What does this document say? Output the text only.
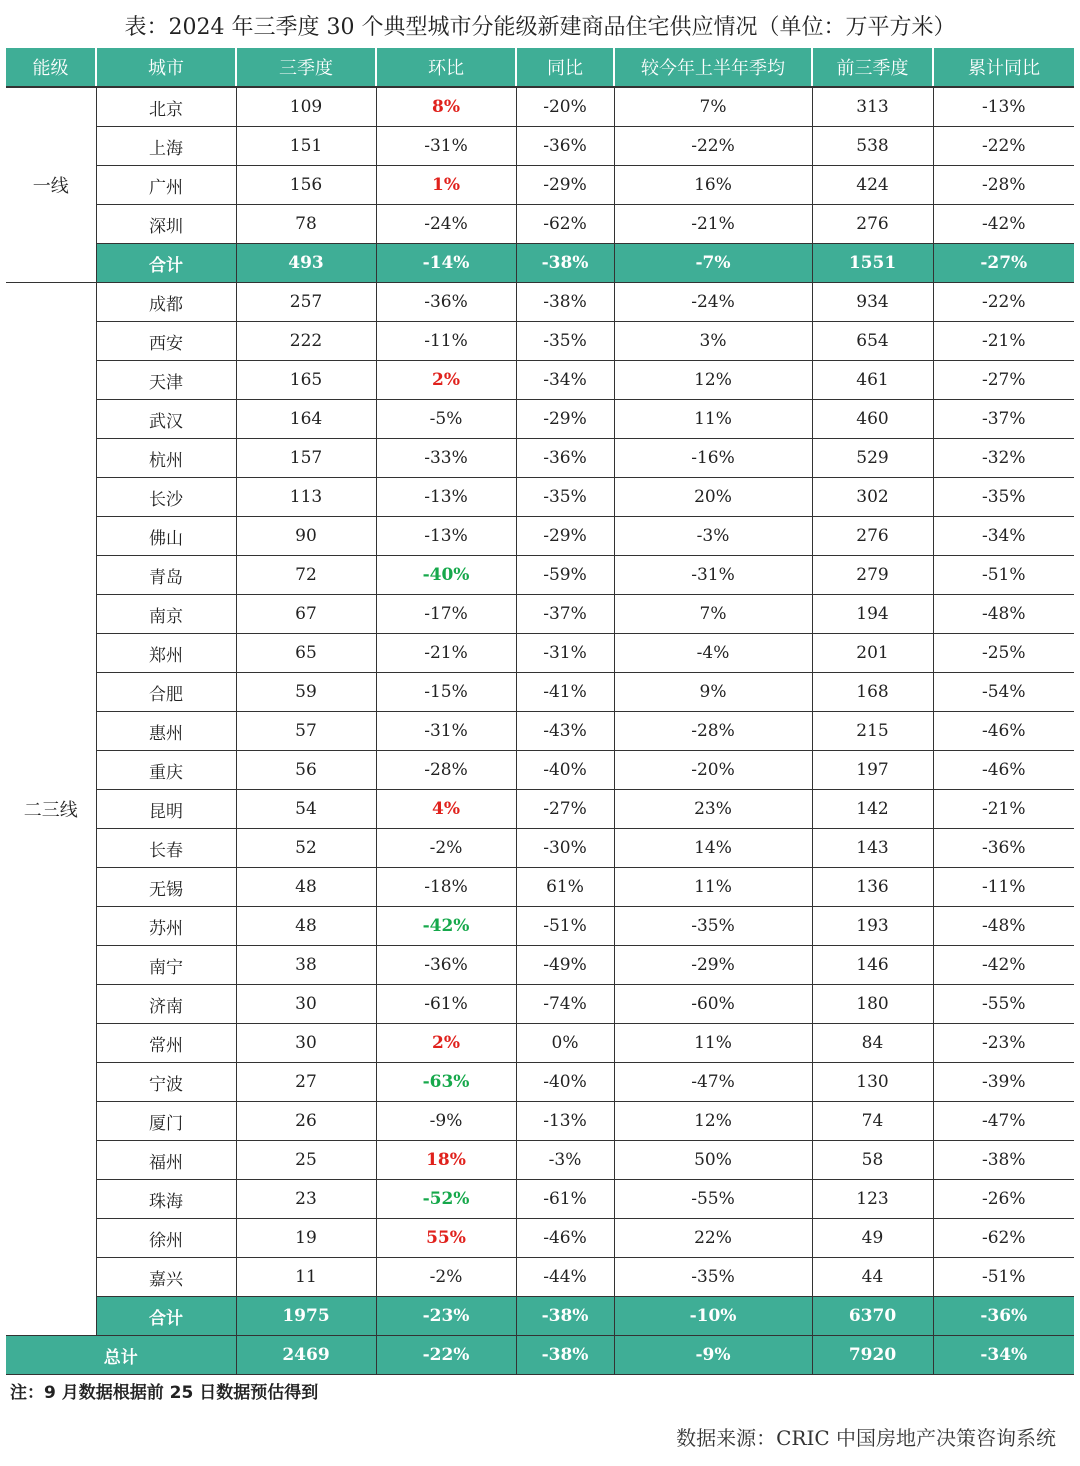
表：2024 年三季度 30 个典型城市分能级新建商品住宅供应情况（单位：万平方米）
能级	城市	三季度	环比	同比	较今年上半年季均	前三季度	累计同比
一线	北京	109	8%	-20%	7%	313	-13%
	上海	151	-31%	-36%	-22%	538	-22%
	广州	156	1%	-29%	16%	424	-28%
	深圳	78	-24%	-62%	-21%	276	-42%
	合计	493	-14%	-38%	-7%	1551	-27%
二三线	成都	257	-36%	-38%	-24%	934	-22%
	西安	222	-11%	-35%	3%	654	-21%
	天津	165	2%	-34%	12%	461	-27%
	武汉	164	-5%	-29%	11%	460	-37%
	杭州	157	-33%	-36%	-16%	529	-32%
	长沙	113	-13%	-35%	20%	302	-35%
	佛山	90	-13%	-29%	-3%	276	-34%
	青岛	72	-40%	-59%	-31%	279	-51%
	南京	67	-17%	-37%	7%	194	-48%
	郑州	65	-21%	-31%	-4%	201	-25%
	合肥	59	-15%	-41%	9%	168	-54%
	惠州	57	-31%	-43%	-28%	215	-46%
	重庆	56	-28%	-40%	-20%	197	-46%
	昆明	54	4%	-27%	23%	142	-21%
	长春	52	-2%	-30%	14%	143	-36%
	无锡	48	-18%	61%	11%	136	-11%
	苏州	48	-42%	-51%	-35%	193	-48%
	南宁	38	-36%	-49%	-29%	146	-42%
	济南	30	-61%	-74%	-60%	180	-55%
	常州	30	2%	0%	11%	84	-23%
	宁波	27	-63%	-40%	-47%	130	-39%
	厦门	26	-9%	-13%	12%	74	-47%
	福州	25	18%	-3%	50%	58	-38%
	珠海	23	-52%	-61%	-55%	123	-26%
	徐州	19	55%	-46%	22%	49	-62%
	嘉兴	11	-2%	-44%	-35%	44	-51%
	合计	1975	-23%	-38%	-10%	6370	-36%
总计		2469	-22%	-38%	-9%	7920	-34%
注：9 月数据根据前 25 日数据预估得到
数据来源：CRIC 中国房地产决策咨询系统
